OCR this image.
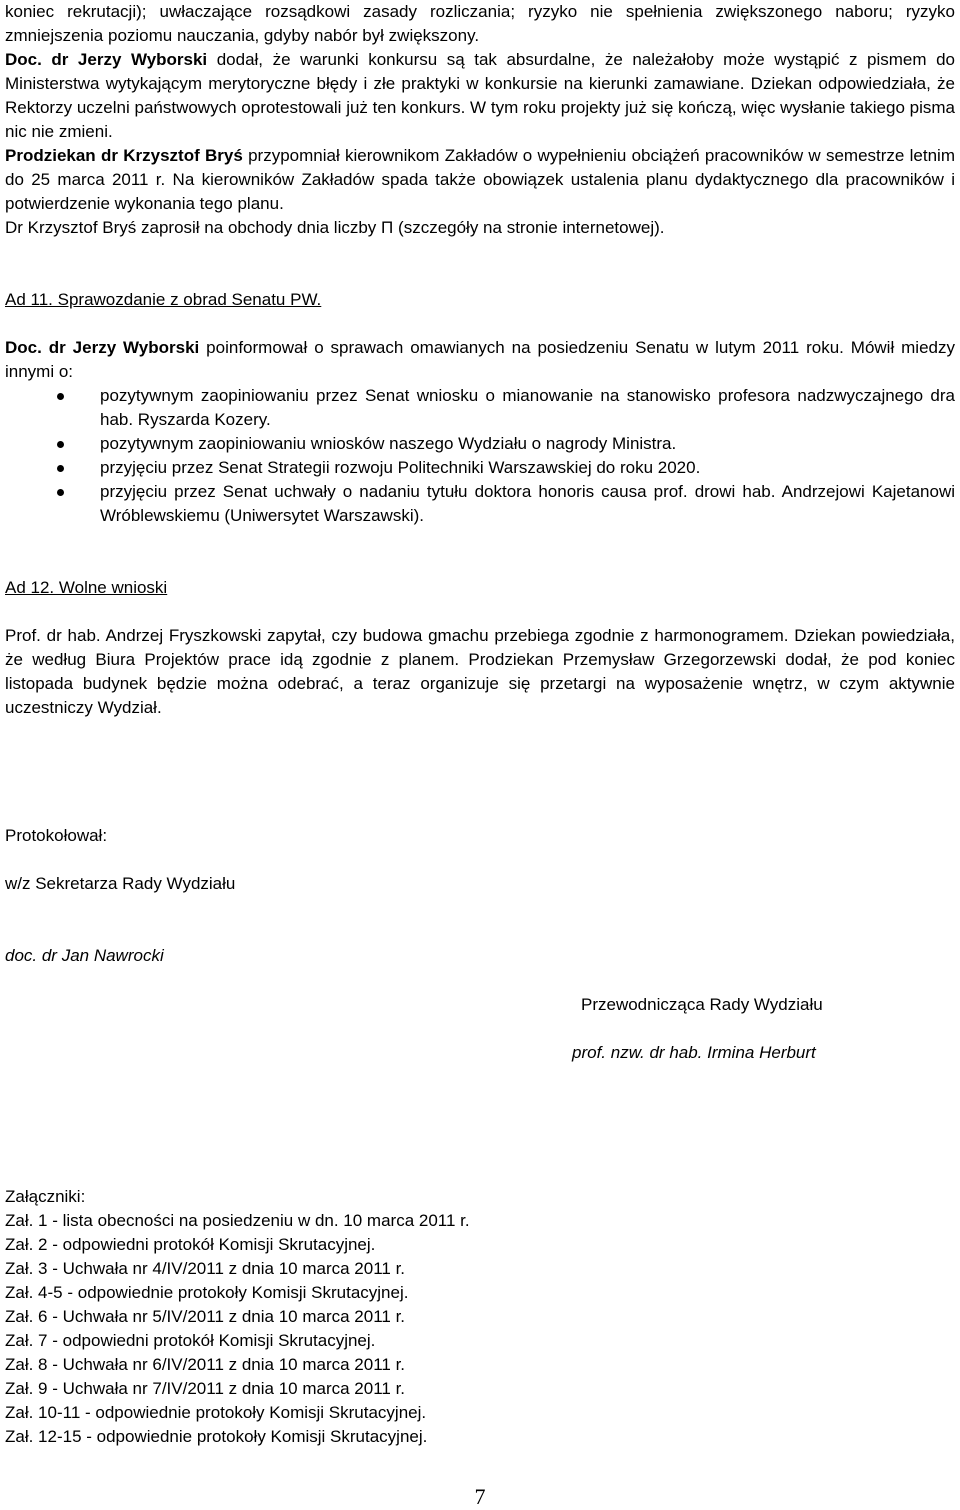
koniec rekrutacji); uwłaczające rozsądkowi zasady rozliczania; ryzyko nie spełnienia zwiększonego naboru; ryzyko zmniejszenia poziomu nauczania, gdyby nabór był zwiększony.

Doc. dr Jerzy Wyborski dodał, że warunki konkursu są tak absurdalne, że należałoby może wystąpić z pismem do Ministerstwa wytykającym merytoryczne błędy i złe praktyki w konkursie na kierunki zamawiane. Dziekan odpowiedziała, że Rektorzy uczelni państwowych oprotestowali już ten konkurs. W tym roku projekty już się kończą, więc wysłanie takiego pisma nic nie zmieni.

Prodziekan dr Krzysztof Bryś przypomniał kierownikom Zakładów o wypełnieniu obciążeń pracowników w semestrze letnim do 25 marca 2011 r. Na kierowników Zakładów spada także obowiązek ustalenia planu dydaktycznego dla pracowników i potwierdzenie wykonania tego planu.

Dr Krzysztof Bryś zaprosił na obchody dnia liczby Π (szczegóły na stronie internetowej).

Ad 11. Sprawozdanie z obrad Senatu PW.

Doc. dr Jerzy Wyborski poinformował o sprawach omawianych na posiedzeniu Senatu w lutym 2011 roku. Mówił miedzy innymi o:

pozytywnym zaopiniowaniu przez Senat wniosku o mianowanie na stanowisko profesora nadzwyczajnego dra hab. Ryszarda Kozery.
pozytywnym zaopiniowaniu wniosków naszego Wydziału o nagrody Ministra.
przyjęciu przez Senat Strategii rozwoju Politechniki Warszawskiej do roku 2020.
przyjęciu przez Senat uchwały o nadaniu tytułu doktora honoris causa prof. drowi hab. Andrzejowi Kajetanowi Wróblewskiemu (Uniwersytet Warszawski).

Ad 12. Wolne wnioski

Prof. dr hab. Andrzej Fryszkowski zapytał, czy budowa gmachu przebiega zgodnie z harmonogramem. Dziekan powiedziała, że według Biura Projektów prace idą zgodnie z planem. Prodziekan Przemysław Grzegorzewski dodał, że pod koniec listopada budynek będzie można odebrać, a teraz organizuje się przetargi na wyposażenie wnętrz, w czym aktywnie uczestniczy Wydział.

Protokołował:

w/z Sekretarza Rady Wydziału

doc. dr Jan Nawrocki

Przewodnicząca Rady Wydziału

prof. nzw. dr hab. Irmina Herburt

Załączniki:

Zał. 1 - lista obecności na posiedzeniu w dn. 10 marca 2011 r.

Zał. 2 - odpowiedni protokół Komisji Skrutacyjnej.

Zał. 3 - Uchwała nr 4/IV/2011 z dnia 10 marca 2011 r.

Zał. 4-5 - odpowiednie protokoły Komisji Skrutacyjnej.

Zał. 6 - Uchwała nr 5/IV/2011 z dnia 10 marca 2011 r.

Zał. 7 - odpowiedni protokół Komisji Skrutacyjnej.

Zał. 8 - Uchwała nr 6/IV/2011 z dnia 10 marca 2011 r.

Zał. 9 - Uchwała nr 7/IV/2011 z dnia 10 marca 2011 r.

Zał. 10-11 - odpowiednie protokoły Komisji Skrutacyjnej.

Zał. 12-15 - odpowiednie protokoły Komisji Skrutacyjnej.

7
